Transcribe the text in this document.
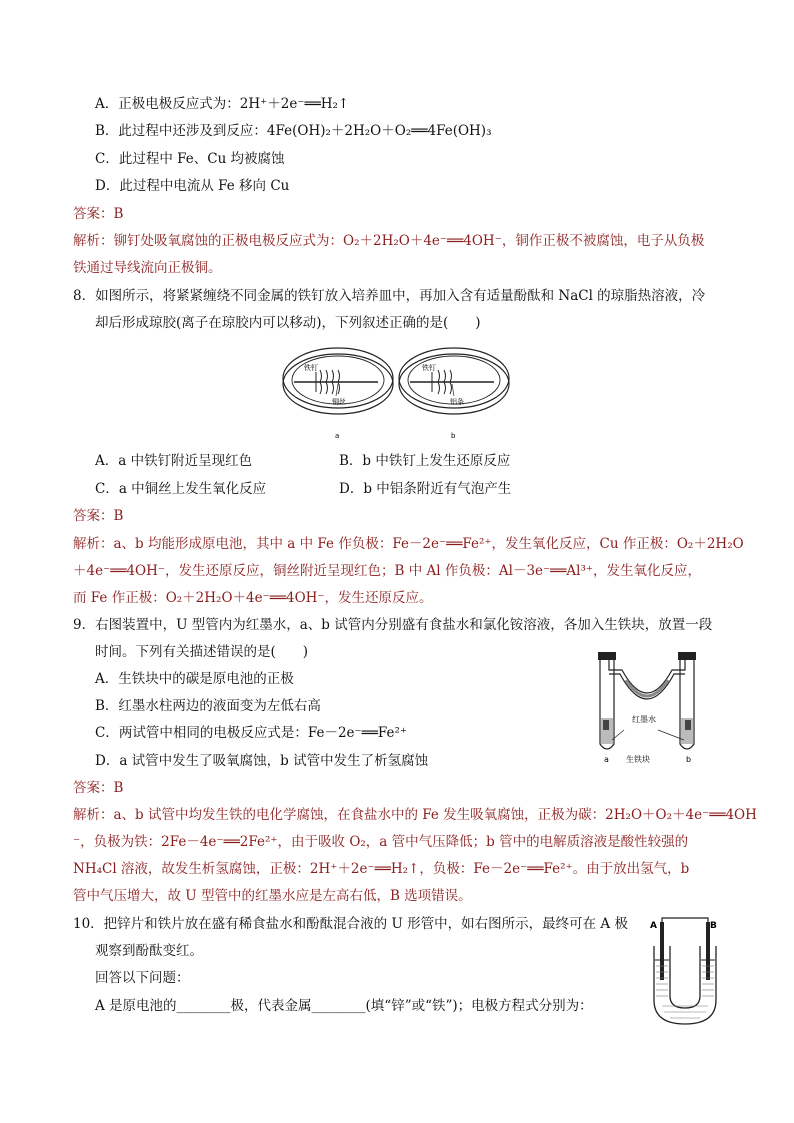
A．正极电极反应式为：2H⁺＋2e⁻══H₂↑
B．此过程中还涉及到反应：4Fe(OH)₂＋2H₂O＋O₂══4Fe(OH)₃
C．此过程中 Fe、Cu 均被腐蚀
D．此过程中电流从 Fe 移向 Cu
答案：B
解析：铆钉处吸氧腐蚀的正极电极反应式为：O₂＋2H₂O＋4e⁻══4OH⁻，铜作正极不被腐蚀，电子从负极
铁通过导线流向正极铜。
8．如图所示，将紧紧缠绕不同金属的铁钉放入培养皿中，再加入含有适量酚酞和 NaCl 的琼脂热溶液，冷
却后形成琼胶(离子在琼胶内可以移动)，下列叙述正确的是(　　)
铁钉
铜丝
a
铁钉
铝条
b
A．a 中铁钉附近呈现红色	B．b 中铁钉上发生还原反应
C．a 中铜丝上发生氧化反应	D．b 中铝条附近有气泡产生
答案：B
解析：a、b 均能形成原电池，其中 a 中 Fe 作负极：Fe－2e⁻══Fe²⁺，发生氧化反应，Cu 作正极：O₂＋2H₂O
＋4e⁻══4OH⁻，发生还原反应，铜丝附近呈现红色；B 中 Al 作负极：Al－3e⁻══Al³⁺，发生氧化反应，
而 Fe 作正极：O₂＋2H₂O＋4e⁻══4OH⁻，发生还原反应。
9．右图装置中，U 型管内为红墨水，a、b 试管内分别盛有食盐水和氯化铵溶液，各加入生铁块，放置一段
时间。下列有关描述错误的是(　　)
A．生铁块中的碳是原电池的正极
B．红墨水柱两边的液面变为左低右高
C．两试管中相同的电极反应式是：Fe－2e⁻══Fe²⁺
D．a 试管中发生了吸氧腐蚀，b 试管中发生了析氢腐蚀
红墨水
a 生铁块	b
答案：B
解析：a、b 试管中均发生铁的电化学腐蚀，在食盐水中的 Fe 发生吸氧腐蚀，正极为碳：2H₂O＋O₂＋4e⁻══4OH
⁻，负极为铁：2Fe－4e⁻══2Fe²⁺，由于吸收 O₂，a 管中气压降低；b 管中的电解质溶液是酸性较强的
NH₄Cl 溶液，故发生析氢腐蚀，正极：2H⁺＋2e⁻══H₂↑，负极：Fe－2e⁻══Fe²⁺。由于放出氢气，b
管中气压增大，故 U 型管中的红墨水应是左高右低，B 选项错误。
10．把锌片和铁片放在盛有稀食盐水和酚酞混合液的 U 形管中，如右图所示，最终可在 A 极
观察到酚酞变红。
回答以下问题：
A 是原电池的________极，代表金属________(填“锌”或“铁”)；电极方程式分别为：
A	B
